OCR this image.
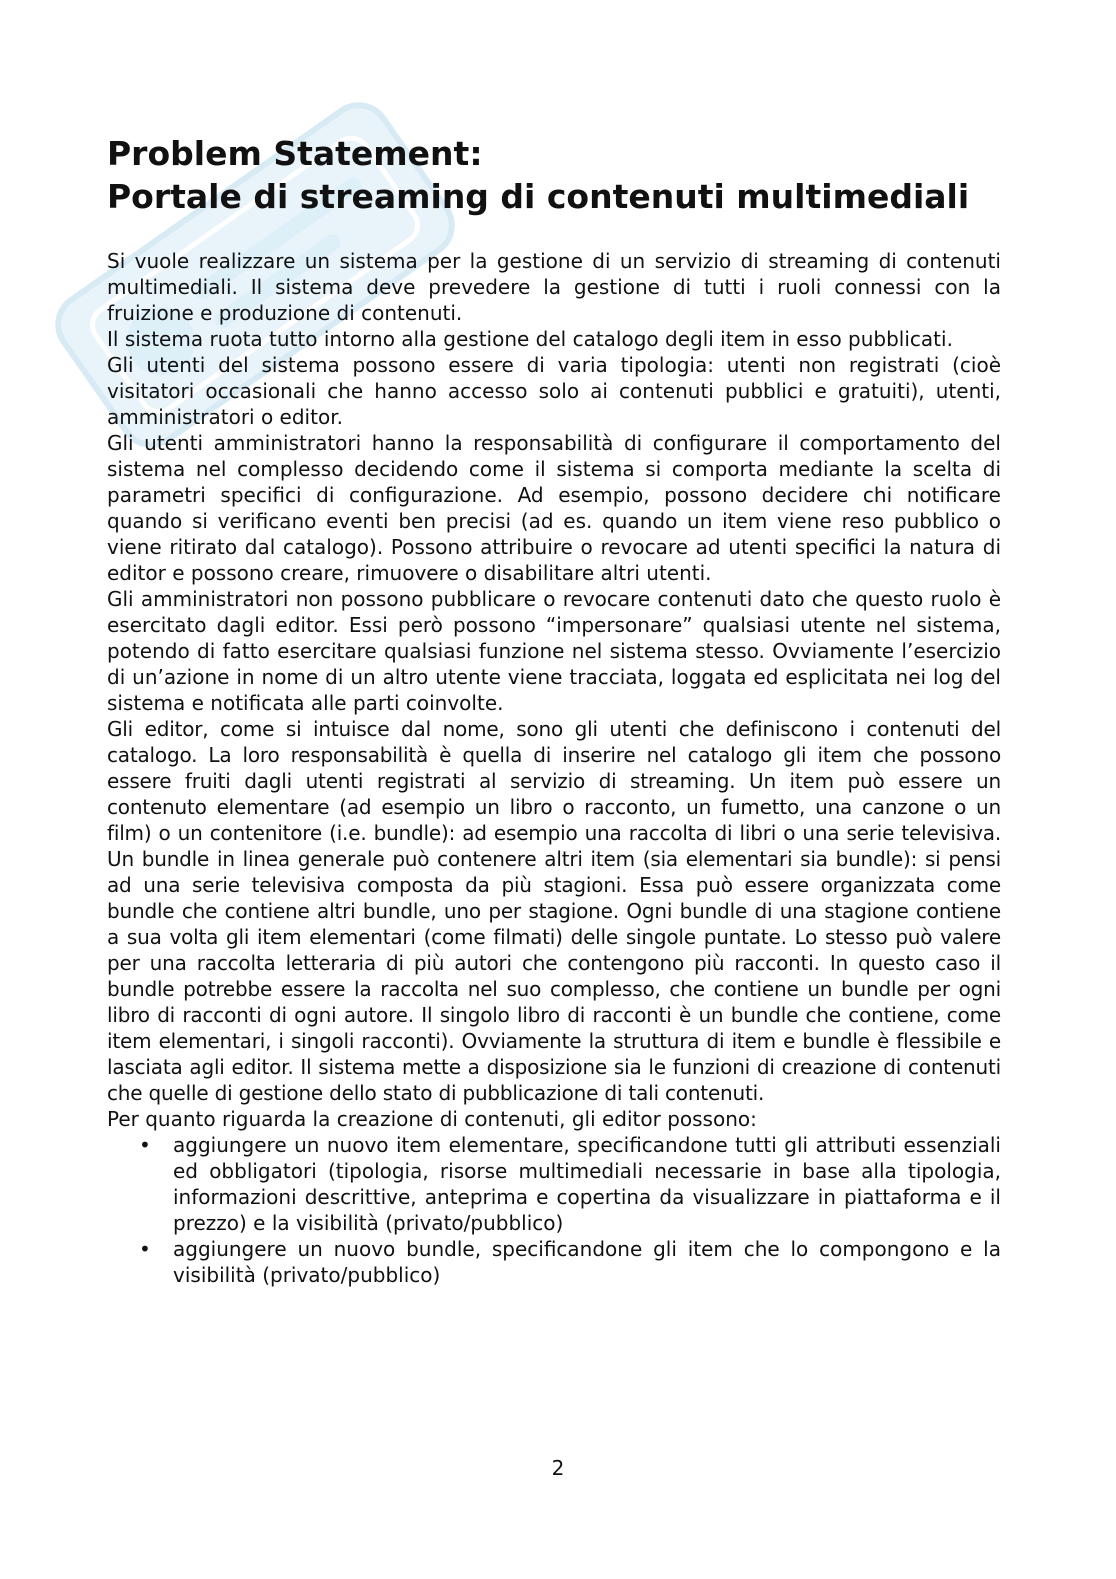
Problem Statement:
Portale di streaming di contenuti multimediali

Si vuole realizzare un sistema per la gestione di un servizio di streaming di contenuti multimediali. Il sistema deve prevedere la gestione di tutti i ruoli connessi con la fruizione e produzione di contenuti.

Il sistema ruota tutto intorno alla gestione del catalogo degli item in esso pubblicati.

Gli utenti del sistema possono essere di varia tipologia: utenti non registrati (cioè visitatori occasionali che hanno accesso solo ai contenuti pubblici e gratuiti), utenti, amministratori o editor.

Gli utenti amministratori hanno la responsabilità di configurare il comportamento del sistema nel complesso decidendo come il sistema si comporta mediante la scelta di parametri specifici di configurazione. Ad esempio, possono decidere chi notificare quando si verificano eventi ben precisi (ad es. quando un item viene reso pubblico o viene ritirato dal catalogo). Possono attribuire o revocare ad utenti specifici la natura di editor e possono creare, rimuovere o disabilitare altri utenti.

Gli amministratori non possono pubblicare o revocare contenuti dato che questo ruolo è esercitato dagli editor. Essi però possono “impersonare” qualsiasi utente nel sistema, potendo di fatto esercitare qualsiasi funzione nel sistema stesso. Ovviamente l’esercizio di un’azione in nome di un altro utente viene tracciata, loggata ed esplicitata nei log del sistema e notificata alle parti coinvolte.

Gli editor, come si intuisce dal nome, sono gli utenti che definiscono i contenuti del catalogo. La loro responsabilità è quella di inserire nel catalogo gli item che possono essere fruiti dagli utenti registrati al servizio di streaming. Un item può essere un contenuto elementare (ad esempio un libro o racconto, un fumetto, una canzone o un film) o un contenitore (i.e. bundle): ad esempio una raccolta di libri o una serie televisiva. Un bundle in linea generale può contenere altri item (sia elementari sia bundle): si pensi ad una serie televisiva composta da più stagioni. Essa può essere organizzata come bundle che contiene altri bundle, uno per stagione. Ogni bundle di una stagione contiene a sua volta gli item elementari (come filmati) delle singole puntate. Lo stesso può valere per una raccolta letteraria di più autori che contengono più racconti. In questo caso il bundle potrebbe essere la raccolta nel suo complesso, che contiene un bundle per ogni libro di racconti di ogni autore. Il singolo libro di racconti è un bundle che contiene, come item elementari, i singoli racconti). Ovviamente la struttura di item e bundle è flessibile e lasciata agli editor. Il sistema mette a disposizione sia le funzioni di creazione di contenuti che quelle di gestione dello stato di pubblicazione di tali contenuti.

Per quanto riguarda la creazione di contenuti, gli editor possono:

• aggiungere un nuovo item elementare, specificandone tutti gli attributi essenziali ed obbligatori (tipologia, risorse multimediali necessarie in base alla tipologia, informazioni descrittive, anteprima e copertina da visualizzare in piattaforma e il prezzo) e la visibilità (privato/pubblico)
• aggiungere un nuovo bundle, specificandone gli item che lo compongono e la visibilità (privato/pubblico)
2
